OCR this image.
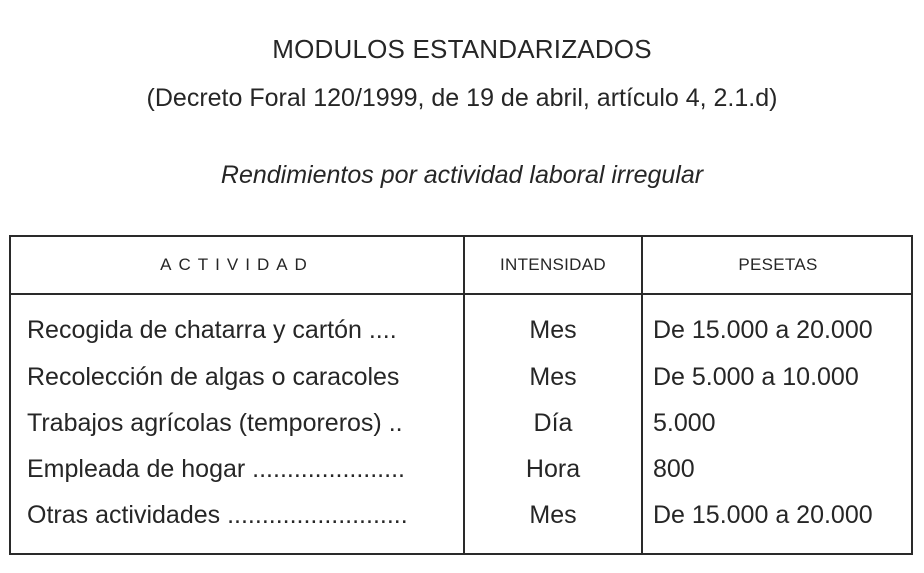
MODULOS ESTANDARIZADOS
(Decreto Foral 120/1999, de 19 de abril, artículo 4, 2.1.d)
Rendimientos por actividad laboral irregular
ACTIVIDAD	INTENSIDAD	PESETAS
Recogida de chatarra y cartón ....	Mes	De 15.000 a 20.000
Recolección de algas o caracoles	Mes	De 5.000 a 10.000
Trabajos agrícolas (temporeros) ..	Día	5.000
Empleada de hogar ......................	Hora	800
Otras actividades ..........................	Mes	De 15.000 a 20.000
